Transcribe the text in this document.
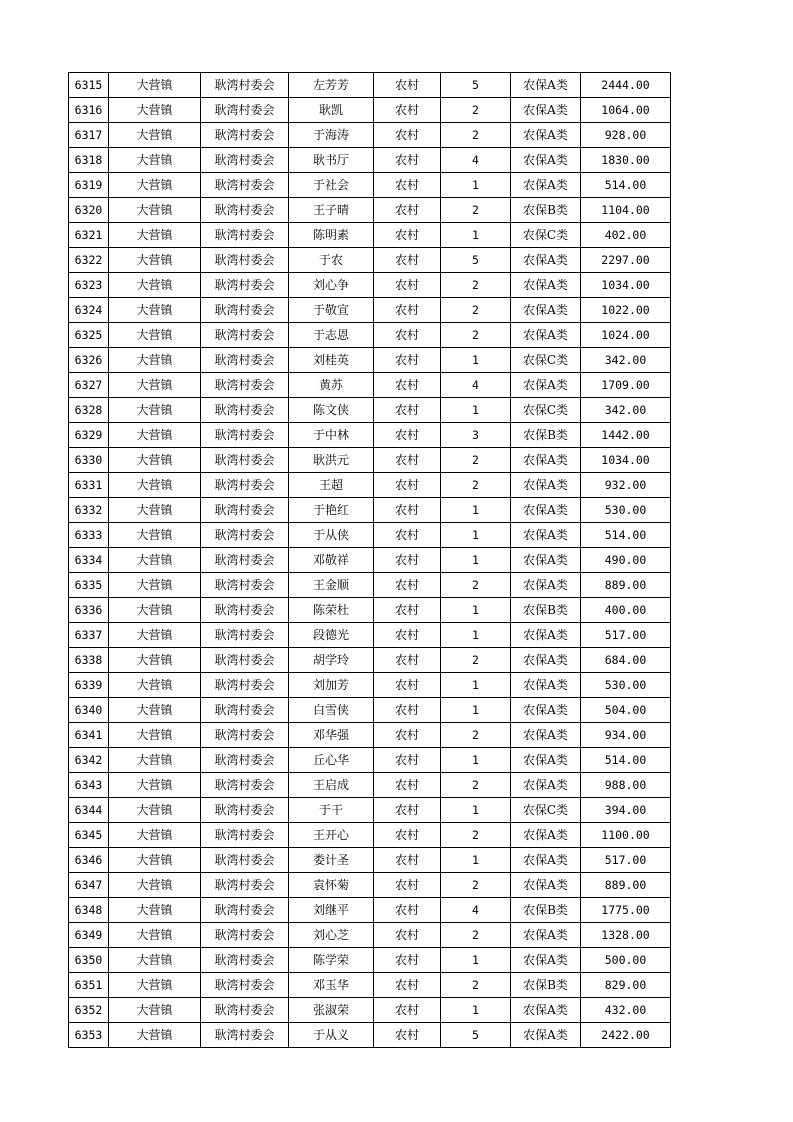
6315	大营镇	耿湾村委会	左芳芳	农村	5	农保A类	2444.00
6316	大营镇	耿湾村委会	耿凯	农村	2	农保A类	1064.00
6317	大营镇	耿湾村委会	于海涛	农村	2	农保A类	928.00
6318	大营镇	耿湾村委会	耿书厅	农村	4	农保A类	1830.00
6319	大营镇	耿湾村委会	于社会	农村	1	农保A类	514.00
6320	大营镇	耿湾村委会	王子晴	农村	2	农保B类	1104.00
6321	大营镇	耿湾村委会	陈明素	农村	1	农保C类	402.00
6322	大营镇	耿湾村委会	于农	农村	5	农保A类	2297.00
6323	大营镇	耿湾村委会	刘心争	农村	2	农保A类	1034.00
6324	大营镇	耿湾村委会	于敬宣	农村	2	农保A类	1022.00
6325	大营镇	耿湾村委会	于志恩	农村	2	农保A类	1024.00
6326	大营镇	耿湾村委会	刘桂英	农村	1	农保C类	342.00
6327	大营镇	耿湾村委会	黄苏	农村	4	农保A类	1709.00
6328	大营镇	耿湾村委会	陈文侠	农村	1	农保C类	342.00
6329	大营镇	耿湾村委会	于中林	农村	3	农保B类	1442.00
6330	大营镇	耿湾村委会	耿洪元	农村	2	农保A类	1034.00
6331	大营镇	耿湾村委会	王超	农村	2	农保A类	932.00
6332	大营镇	耿湾村委会	于艳红	农村	1	农保A类	530.00
6333	大营镇	耿湾村委会	于从侠	农村	1	农保A类	514.00
6334	大营镇	耿湾村委会	邓敬祥	农村	1	农保A类	490.00
6335	大营镇	耿湾村委会	王金顺	农村	2	农保A类	889.00
6336	大营镇	耿湾村委会	陈荣杜	农村	1	农保B类	400.00
6337	大营镇	耿湾村委会	段德光	农村	1	农保A类	517.00
6338	大营镇	耿湾村委会	胡学玲	农村	2	农保A类	684.00
6339	大营镇	耿湾村委会	刘加芳	农村	1	农保A类	530.00
6340	大营镇	耿湾村委会	白雪侠	农村	1	农保A类	504.00
6341	大营镇	耿湾村委会	邓华强	农村	2	农保A类	934.00
6342	大营镇	耿湾村委会	丘心华	农村	1	农保A类	514.00
6343	大营镇	耿湾村委会	王启成	农村	2	农保A类	988.00
6344	大营镇	耿湾村委会	于干	农村	1	农保C类	394.00
6345	大营镇	耿湾村委会	王开心	农村	2	农保A类	1100.00
6346	大营镇	耿湾村委会	娄计圣	农村	1	农保A类	517.00
6347	大营镇	耿湾村委会	袁怀菊	农村	2	农保A类	889.00
6348	大营镇	耿湾村委会	刘继平	农村	4	农保B类	1775.00
6349	大营镇	耿湾村委会	刘心芝	农村	2	农保A类	1328.00
6350	大营镇	耿湾村委会	陈学荣	农村	1	农保A类	500.00
6351	大营镇	耿湾村委会	邓玉华	农村	2	农保B类	829.00
6352	大营镇	耿湾村委会	张淑荣	农村	1	农保A类	432.00
6353	大营镇	耿湾村委会	于从义	农村	5	农保A类	2422.00
